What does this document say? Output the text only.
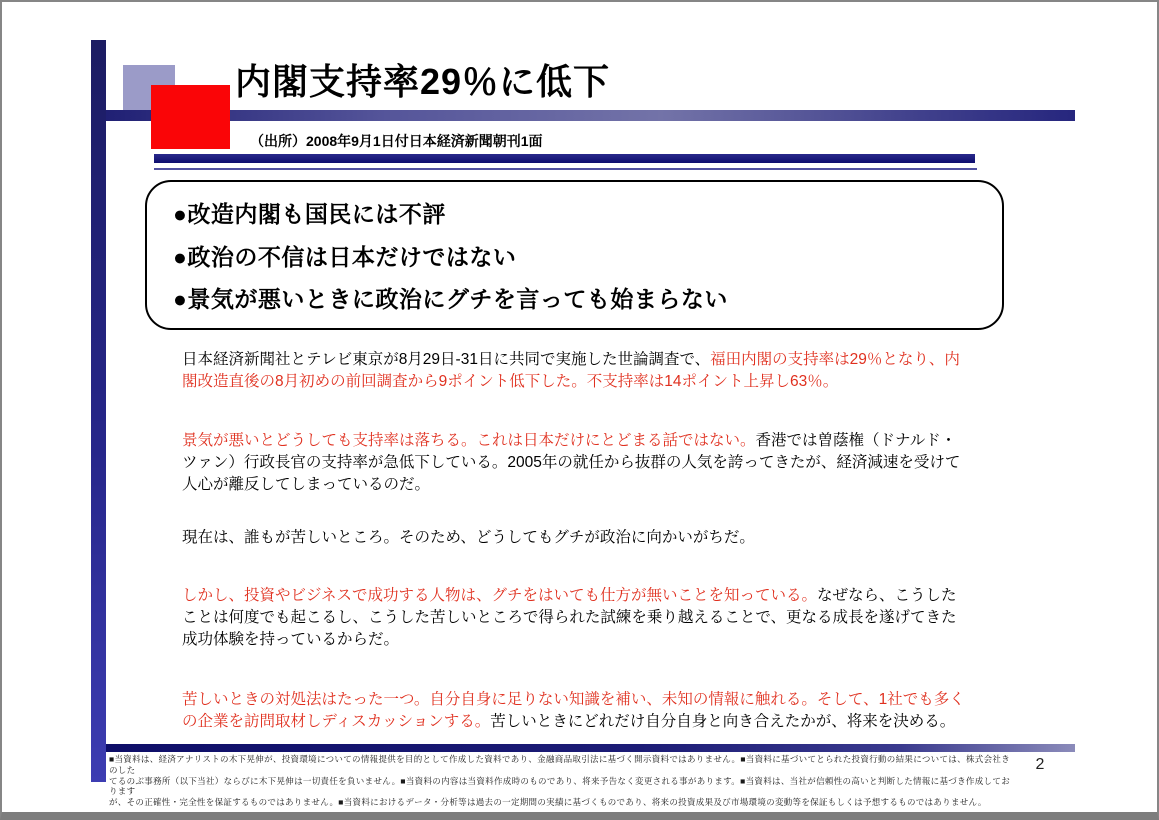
内閣支持率29％に低下
（出所）2008年9月1日付日本経済新聞朝刊1面
●改造内閣も国民には不評
●政治の不信は日本だけではない
●景気が悪いときに政治にグチを言っても始まらない

日本経済新聞社とテレビ東京が8月29日-31日に共同で実施した世論調査で、福田内閣の支持率は29％となり、内閣改造直後の8月初めの前回調査から9ポイント低下した。不支持率は14ポイント上昇し63％。

景気が悪いとどうしても支持率は落ちる。これは日本だけにとどまる話ではない。香港では曽蔭権（ドナルド・ツァン）行政長官の支持率が急低下している。2005年の就任から抜群の人気を誇ってきたが、経済減速を受けて人心が離反してしまっているのだ。

現在は、誰もが苦しいところ。そのため、どうしてもグチが政治に向かいがちだ。

しかし、投資やビジネスで成功する人物は、グチをはいても仕方が無いことを知っている。なぜなら、こうしたことは何度でも起こるし、こうした苦しいところで得られた試練を乗り越えることで、更なる成長を遂げてきた成功体験を持っているからだ。

苦しいときの対処法はたった一つ。自分自身に足りない知識を補い、未知の情報に触れる。そして、1社でも多くの企業を訪問取材しディスカッションする。苦しいときにどれだけ自分自身と向き合えたかが、将来を決める。

■当資料は、経済アナリストの木下晃伸が、投資環境についての情報提供を目的として作成した資料であり、金融商品取引法に基づく開示資料ではありません。■当資料に基づいてとられた投資行動の結果については、株式会社きのした
てるのぶ事務所（以下当社）ならびに木下晃伸は一切責任を負いません。■当資料の内容は当資料作成時のものであり、将来予告なく変更される事があります。■当資料は、当社が信頼性の高いと判断した情報に基づき作成しております
が、その正確性・完全性を保証するものではありません。■当資料におけるデータ・分析等は過去の一定期間の実績に基づくものであり、将来の投資成果及び市場環境の変動等を保証もしくは予想するものではありません。
2
